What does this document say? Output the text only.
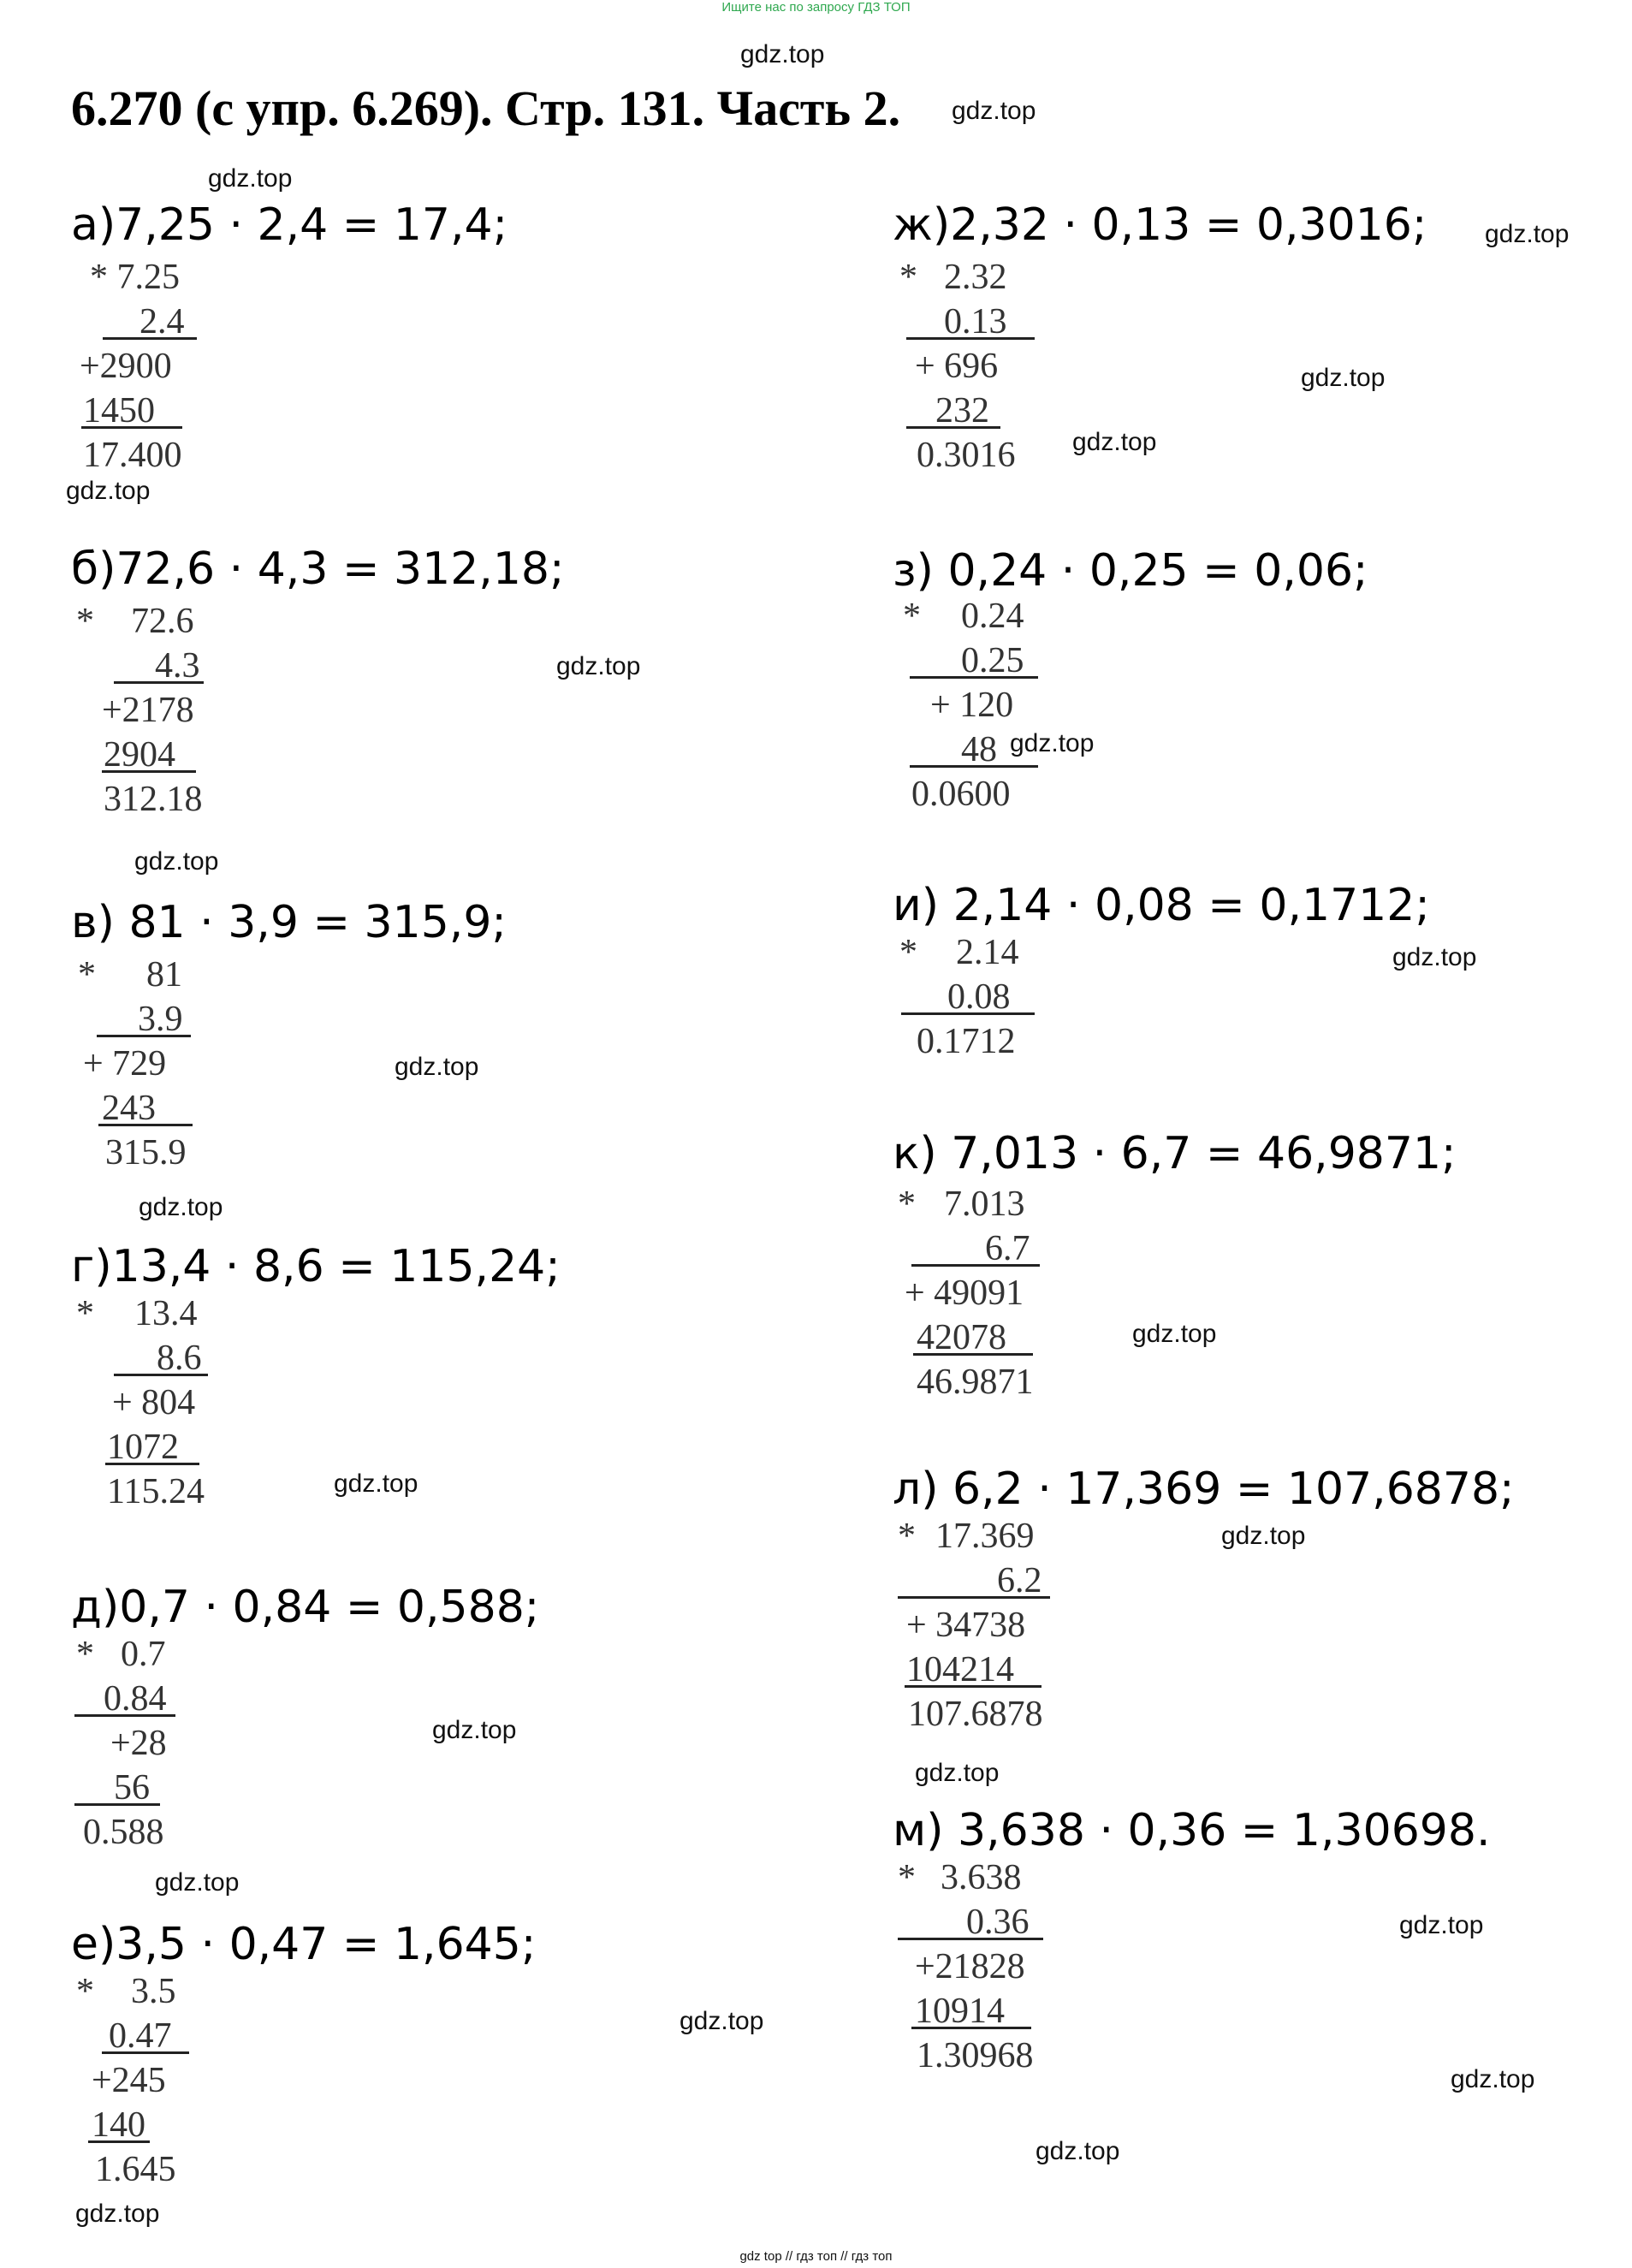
Ищите нас по запросу ГДЗ ТОП
6.270 (с упр. 6.269). Стр. 131. Часть 2.
а)7,25 · 2,4 = 17,4;
* 7.25
2.4
+2900
1450
17.400
б)72,6 · 4,3 = 312,18;
* 72.6
4.3
+2178
2904
312.18
в) 81 · 3,9 = 315,9;
* 81
3.9
+ 729
243
315.9
г)13,4 · 8,6 = 115,24;
* 13.4
8.6
+ 804
1072
115.24
д)0,7 · 0,84 = 0,588;
* 0.7
0.84
+28
56
0.588
е)3,5 · 0,47 = 1,645;
* 3.5
0.47
+245
140
1.645
ж)2,32 · 0,13 = 0,3016;
* 2.32
0.13
+ 696
232
0.3016
з) 0,24 · 0,25 = 0,06;
* 0.24
0.25
+ 120
48
0.0600
и) 2,14 · 0,08 = 0,1712;
* 2.14
0.08
0.1712
к) 7,013 · 6,7 = 46,9871;
* 7.013
6.7
+ 49091
42078
46.9871
л) 6,2 · 17,369 = 107,6878;
* 17.369
6.2
+ 34738
104214
107.6878
м) 3,638 · 0,36 = 1,30698.
* 3.638
0.36
+21828
10914
1.30968
gdz.top
gdz.top
gdz.top
gdz.top
gdz.top
gdz.top
gdz.top
gdz.top
gdz.top
gdz.top
gdz.top
gdz.top
gdz.top
gdz.top
gdz.top
gdz.top
gdz.top
gdz.top
gdz.top
gdz.top
gdz.top
gdz.top
gdz.top
gdz.top
gdz top // гдз топ // гдз топ
